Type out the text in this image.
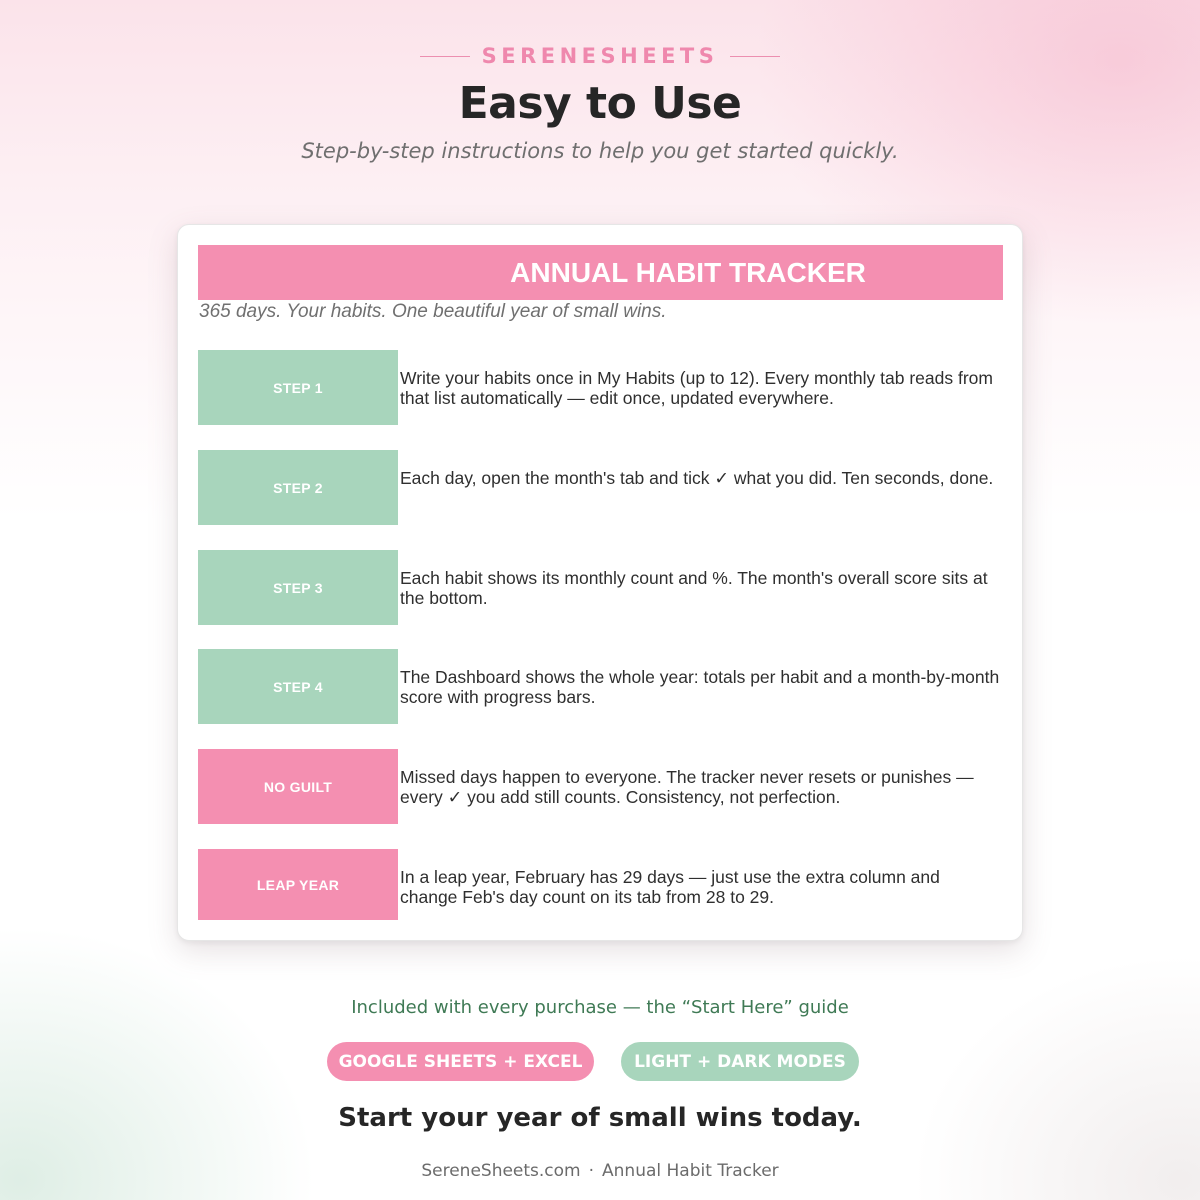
SERENESHEETS
Easy to Use
Step-by-step instructions to help you get started quickly.
ANNUAL HABIT TRACKER
365 days. Your habits. One beautiful year of small wins.
STEP 1	Write your habits once in My Habits (up to 12). Every monthly tab reads from that list automatically — edit once, updated everywhere.
STEP 2	Each day, open the month's tab and tick ✓ what you did. Ten seconds, done.
STEP 3	Each habit shows its monthly count and %. The month's overall score sits at the bottom.
STEP 4	The Dashboard shows the whole year: totals per habit and a month-by-month score with progress bars.
NO GUILT	Missed days happen to everyone. The tracker never resets or punishes — every ✓ you add still counts. Consistency, not perfection.
LEAP YEAR	In a leap year, February has 29 days — just use the extra column and change Feb's day count on its tab from 28 to 29.
Included with every purchase — the “Start Here” guide
GOOGLE SHEETS + EXCEL	LIGHT + DARK MODES
Start your year of small wins today.
SereneSheets.com · Annual Habit Tracker
